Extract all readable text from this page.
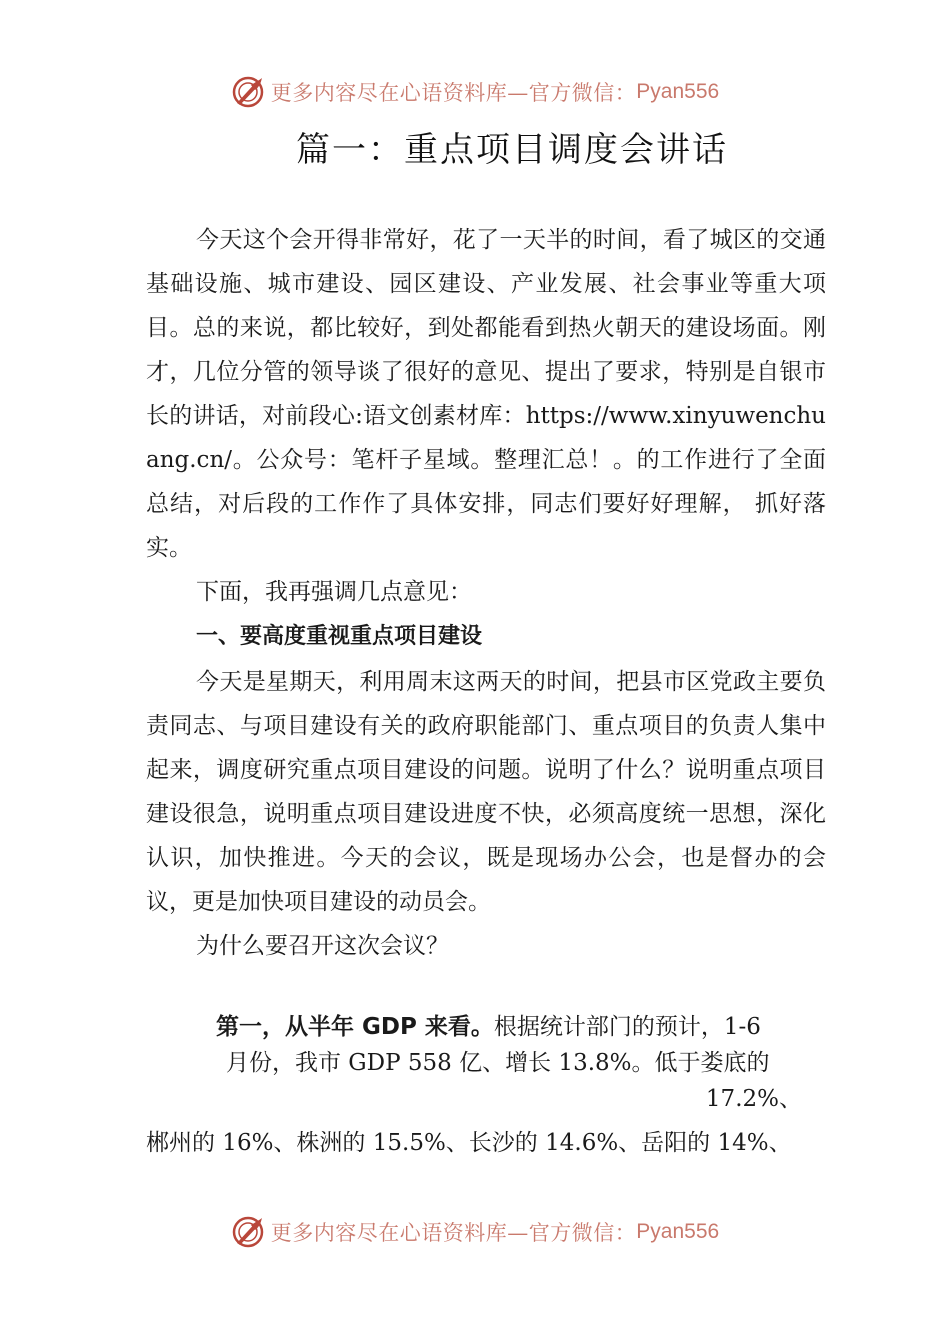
更多内容尽在心语资料库—官方微信： Pyan556
篇一：重点项目调度会讲话

今天这个会开得非常好，花了一天半的时间，看了城区的交通基础设施、城市建设、园区建设、产业发展、社会事业等重大项目。总的来说，都比较好，到处都能看到热火朝天的建设场面。刚才，几位分管的领导谈了很好的意见、提出了要求，特别是自银市长的讲话，对前段心:语文创素材库：https://www.xinyuwenchuang.cn/。公众号：笔杆子星域。整理汇总！。的工作进行了全面总结，对后段的工作作了具体安排，同志们要好好理解， 抓好落实。

下面，我再强调几点意见：

一、要高度重视重点项目建设

今天是星期天，利用周末这两天的时间，把县市区党政主要负责同志、与项目建设有关的政府职能部门、重点项目的负责人集中起来，调度研究重点项目建设的问题。说明了什么？说明重点项目建设很急，说明重点项目建设进度不快，必须高度统一思想，深化认识，加快推进。今天的会议，既是现场办公会，也是督办的会议，更是加快项目建设的动员会。

为什么要召开这次会议？

第一，从半年 GDP 来看。根据统计部门的预计，1-6
月份，我市 GDP 558 亿、增长 13.8%。低于娄底的
17.2%、
郴州的 16%、株洲的 15.5%、长沙的 14.6%、岳阳的 14%、
更多内容尽在心语资料库—官方微信： Pyan556
